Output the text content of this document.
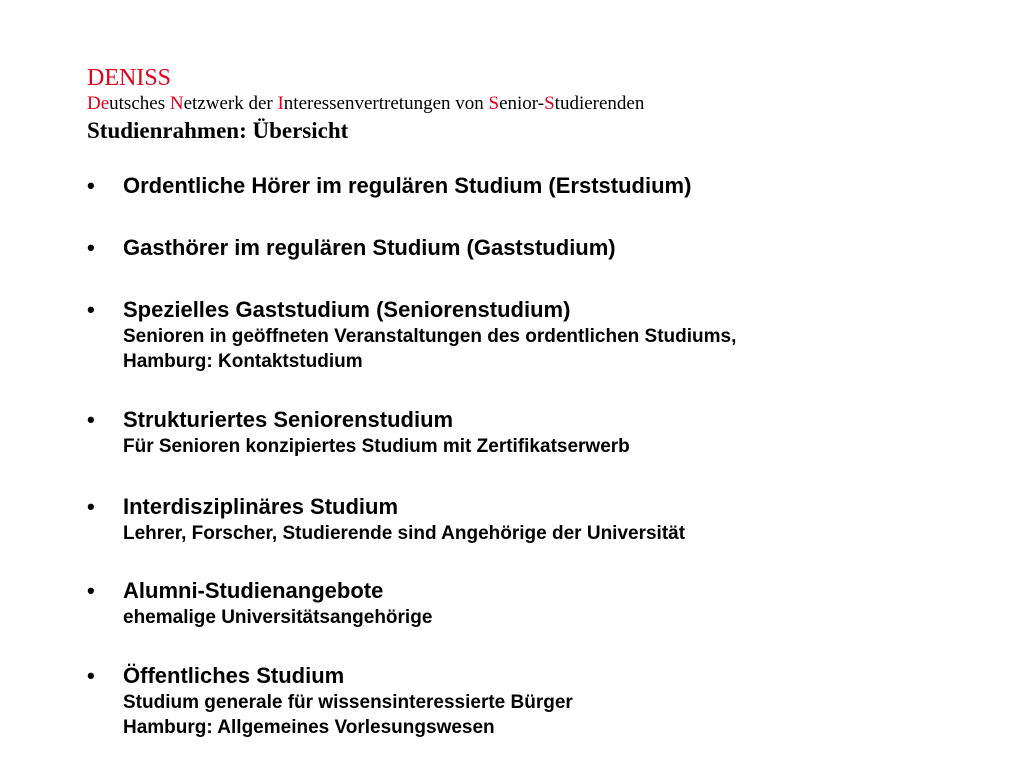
DENISS
Deutsches Netzwerk der Interessenvertretungen von Senior-Studierenden
Studienrahmen: Übersicht
• Ordentliche Hörer im regulären Studium (Erststudium)
• Gasthörer im regulären Studium (Gaststudium)
• Spezielles Gaststudium (Seniorenstudium)
Senioren in geöffneten Veranstaltungen des ordentlichen Studiums,
Hamburg: Kontaktstudium
• Strukturiertes Seniorenstudium
Für Senioren konzipiertes Studium mit Zertifikatserwerb
• Interdisziplinäres Studium
Lehrer, Forscher, Studierende sind Angehörige der Universität
• Alumni-Studienangebote
ehemalige Universitätsangehörige
• Öffentliches Studium
Studium generale für wissensinteressierte Bürger
Hamburg: Allgemeines Vorlesungswesen
